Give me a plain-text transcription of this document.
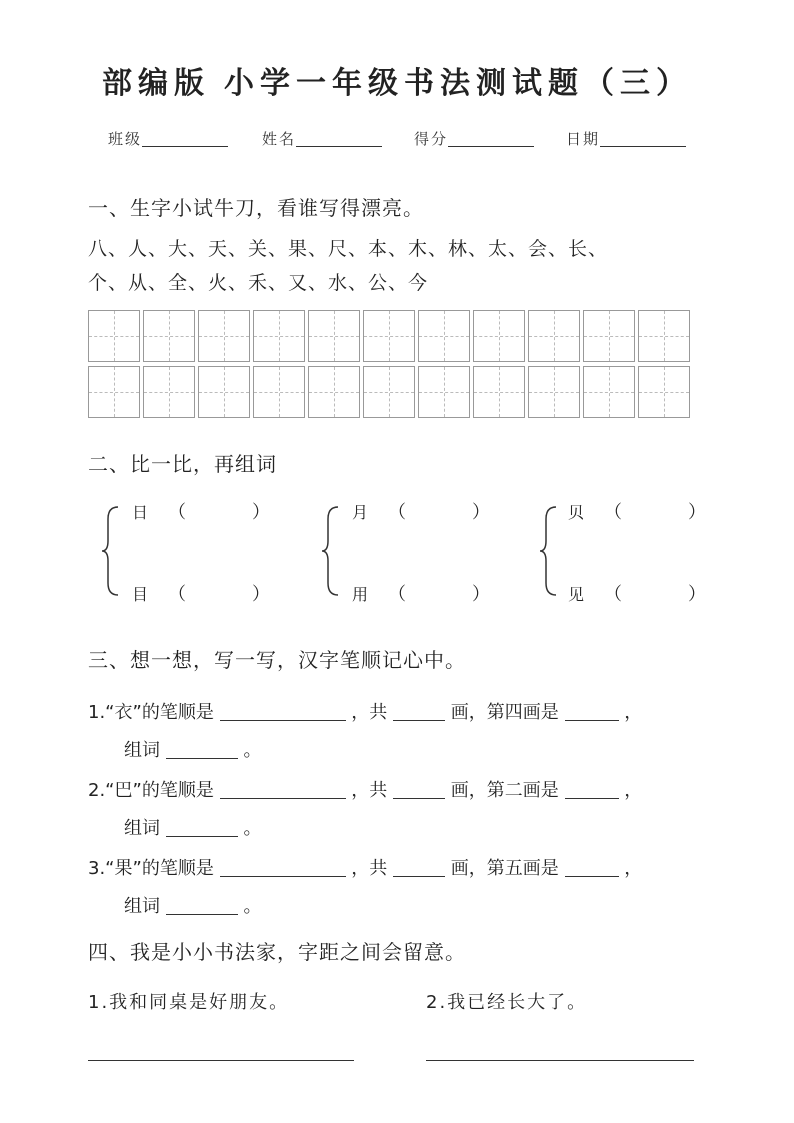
部编版 小学一年级书法测试题（三）
班级	姓名	得分	日期
一、生字小试牛刀，看谁写得漂亮。
八、人、大、天、关、果、尺、本、木、林、太、会、长、
个、从、全、火、禾、又、水、公、今
二、比一比，再组词
日 （	）
目 （	）
月 （	）
用 （	）
贝 （	）
见 （	）
三、想一想，写一写，汉字笔顺记心中。
1.“衣”的笔顺是	，共	画，第四画是	，
组词	。
2.“巴”的笔顺是	，共	画，第二画是	，
组词	。
3.“果”的笔顺是	，共	画，第五画是	，
组词	。
四、我是小小书法家，字距之间会留意。
1.我和同桌是好朋友。	2.我已经长大了。
